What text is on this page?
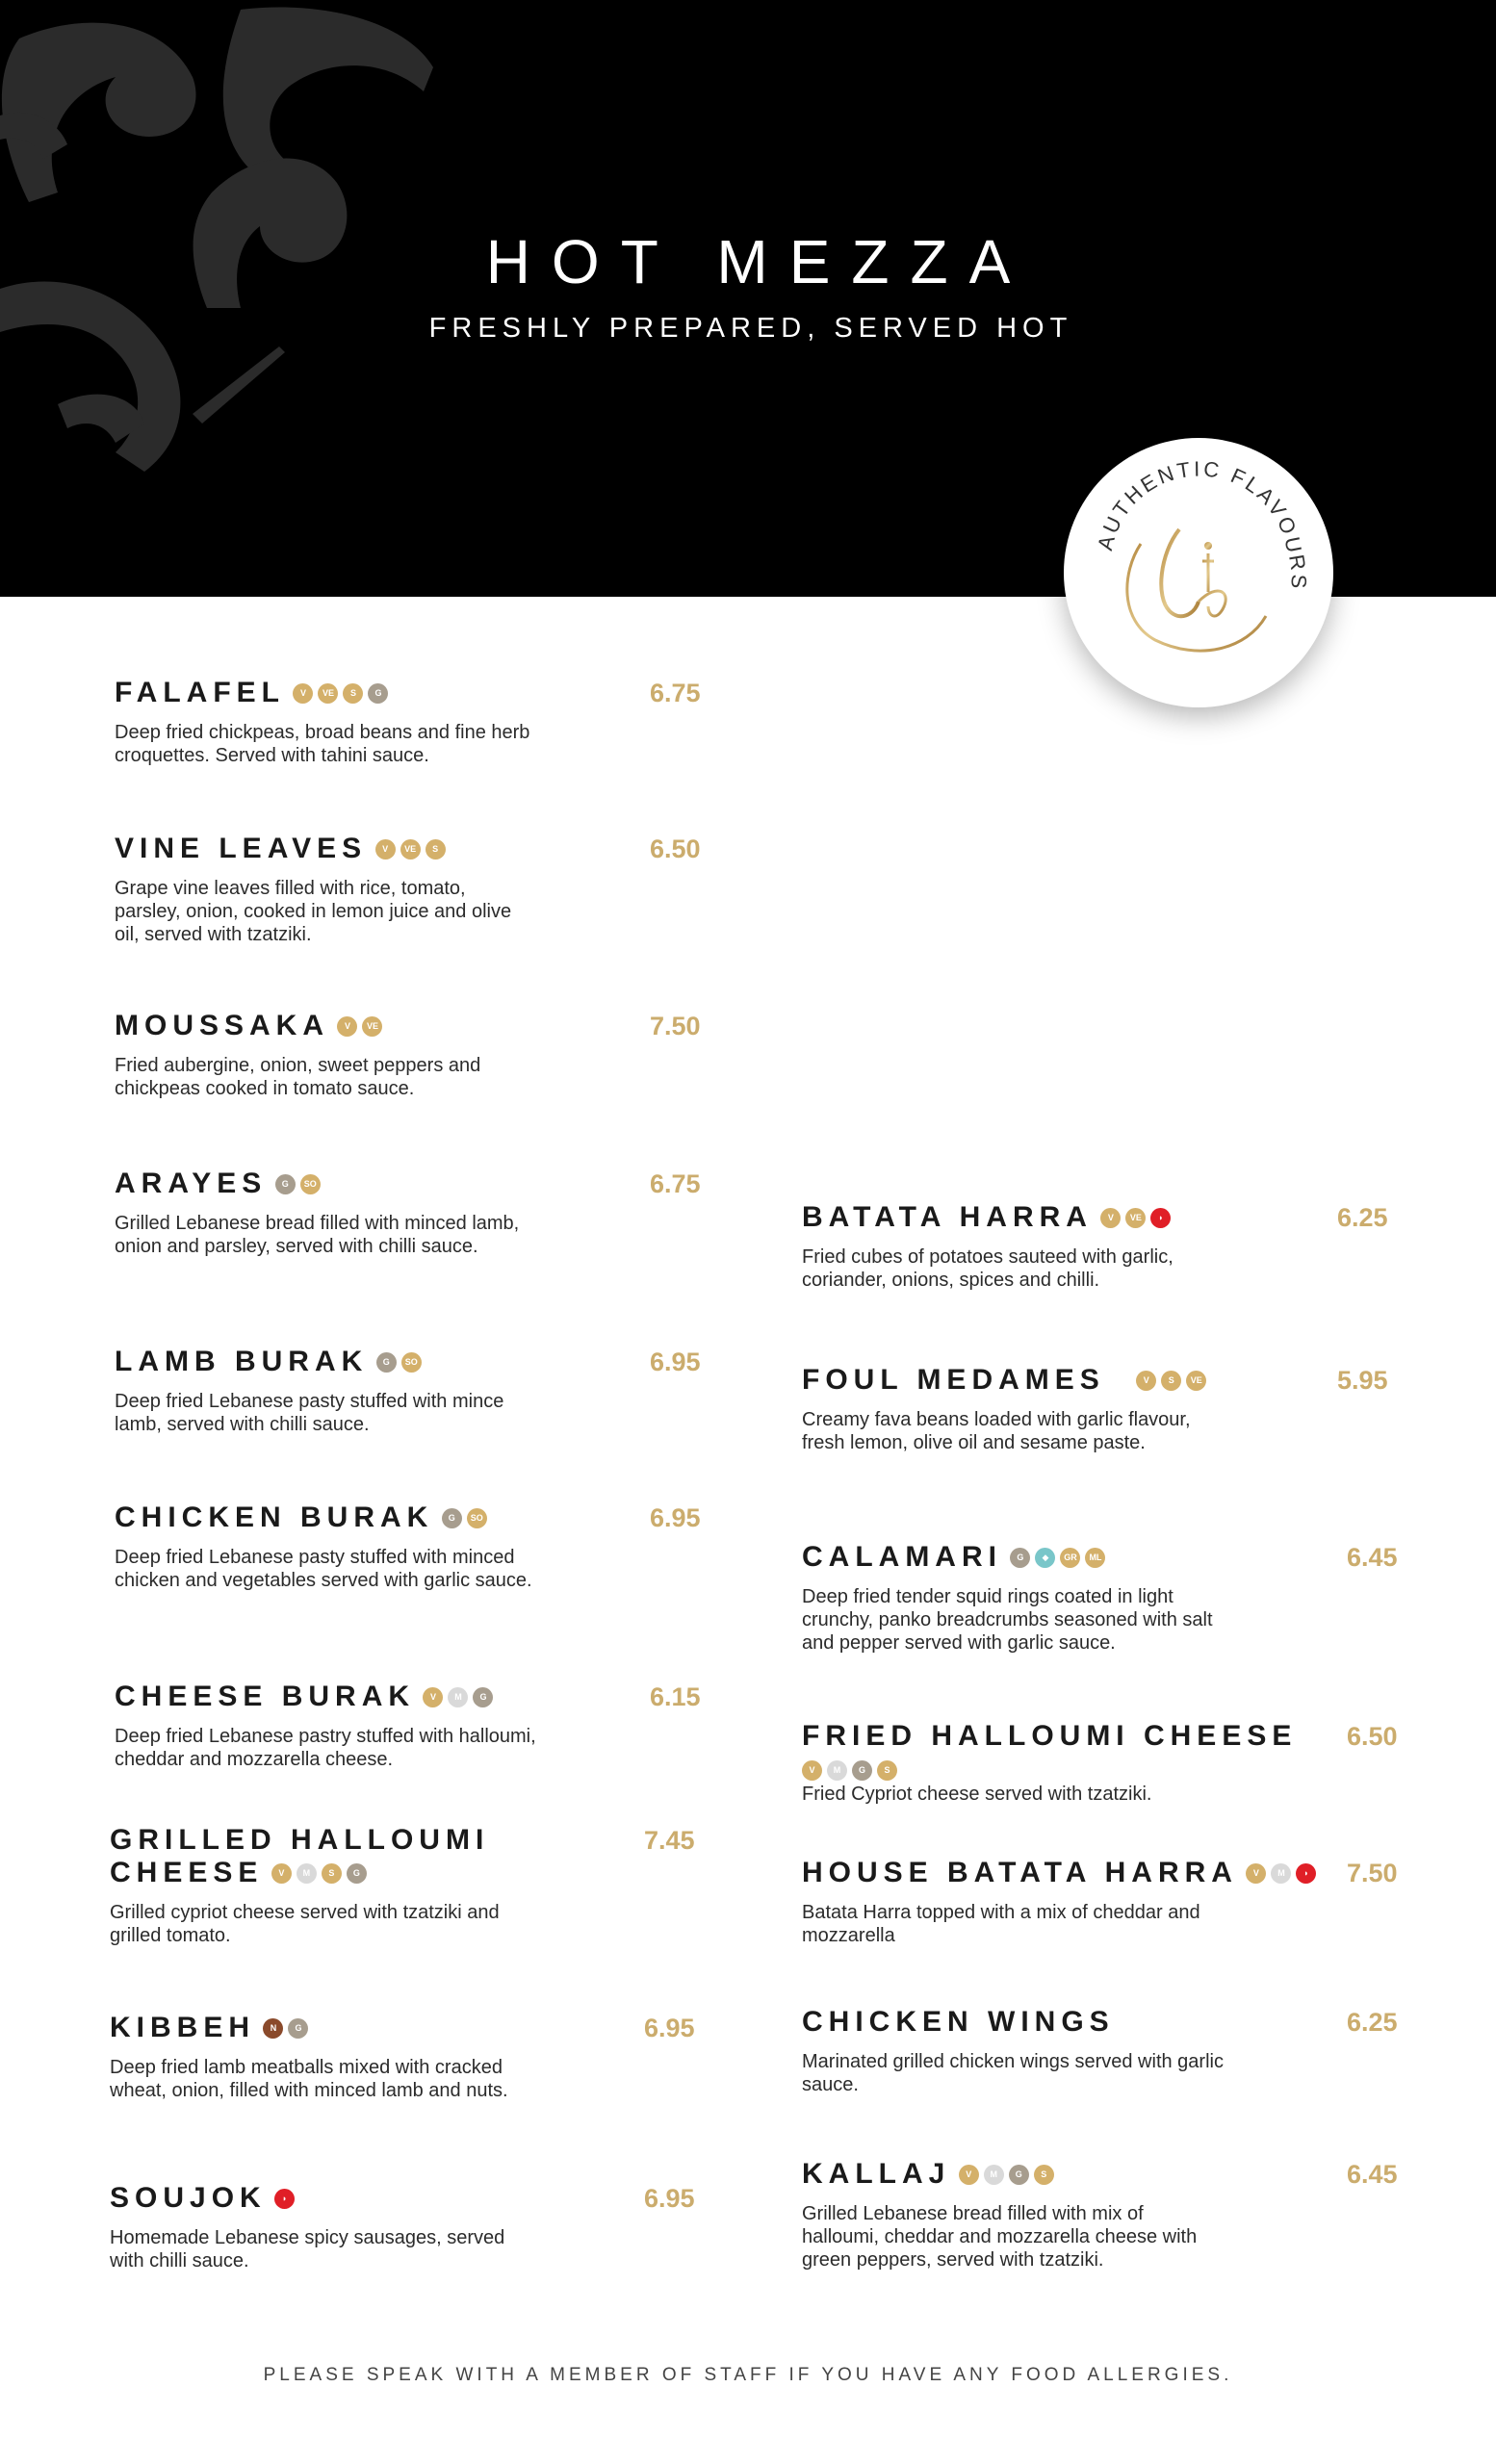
HOT MEZZA
FRESHLY PREPARED, SERVED HOT
AUTHENTIC FLAVOURS
FALAFEL V VE S G
Deep fried chickpeas, broad beans and fine herb croquettes. Served with tahini sauce.
6.75
VINE LEAVES V VE S
Grape vine leaves filled with rice, tomato, parsley, onion, cooked in lemon juice and olive oil, served with tzatziki.
6.50
MOUSSAKA V VE
Fried aubergine, onion, sweet peppers and chickpeas cooked in tomato sauce.
7.50
ARAYES G SO
Grilled Lebanese bread filled with minced lamb, onion and parsley, served with chilli sauce.
6.75
LAMB BURAK G SO
Deep fried Lebanese pasty stuffed with mince lamb, served with chilli sauce.
6.95
CHICKEN BURAK G SO
Deep fried Lebanese pasty stuffed with minced chicken and vegetables served with garlic sauce.
6.95
CHEESE BURAK V M G
Deep fried Lebanese pastry stuffed with halloumi, cheddar and mozzarella cheese.
6.15
GRILLED HALLOUMI
CHEESE V M S G
Grilled cypriot cheese served with tzatziki and grilled tomato.
7.45
KIBBEH N G
Deep fried lamb meatballs mixed with cracked wheat, onion, filled with minced lamb and nuts.
6.95
SOUJOK ◗
Homemade Lebanese spicy sausages, served with chilli sauce.
6.95
BATATA HARRA V VE ◗
Fried cubes of potatoes sauteed with garlic, coriander, onions, spices and chilli.
6.25
FOUL MEDAMES	V S VE
Creamy fava beans loaded with garlic flavour, fresh lemon, olive oil and sesame paste.
5.95
CALAMARI G ◆ GR ML
Deep fried tender squid rings coated in light crunchy, panko breadcrumbs seasoned with salt and pepper served with garlic sauce.
6.45
FRIED HALLOUMI CHEESE
V M G S
Fried Cypriot cheese served with tzatziki.
6.50
HOUSE BATATA HARRA V M ◗
Batata Harra topped with a mix of cheddar and mozzarella
7.50
CHICKEN WINGS
Marinated grilled chicken wings served with garlic sauce.
6.25
KALLAJ V M G S
Grilled Lebanese bread filled with mix of halloumi, cheddar and mozzarella cheese with green peppers, served with tzatziki.
6.45
PLEASE SPEAK WITH A MEMBER OF STAFF IF YOU HAVE ANY FOOD ALLERGIES.
